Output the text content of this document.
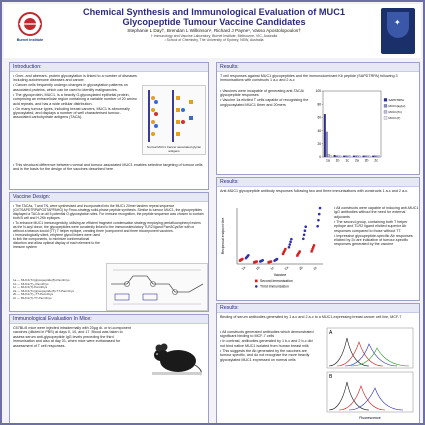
Burnet Institute
Chemical Synthesis and Immunological Evaluation of MUC1
Glycopeptide Tumour Vaccine Candidates
Stephanie L Day†, Brendan L Wilkinson¹, Richard J Payne¹, Vasso Apostolopoulos†
† Immunology and Vaccine Laboratory, Burnet Institute, Melbourne, VIC, Australia
¹ School of Chemistry, The University of Sydney, NSW, Australia
✦
Introduction:

• Over- and aberrant- protein glycosylation is linked to a number of diseases including autoimmune diseases and cancer.

• Cancer cells frequently undergo changes in glycosylation patterns on associated proteins, which can be used to identify malignancies.

• The glycoprotein, MUC1, is a heavily O-glycosylated epithelial protein, comprising an extracellular region containing a variable number of 20 amino acid repeats, and has a wide cellular distribution.

• On many tumour types, including breast cancers, MUC1 is abnormally glycosylated, and displays a number of well characterised tumour-associated carbohydrate antigens (TACA).

• This structural difference between normal and tumour-associated MUC1 enables selective targeting of tumour cells and is the basis for the design of the vaccines described here.

Normal MUC1 Cancer associated glycan antigens
Vaccine Design:

• The TACAs, T and TN, were synthesised and incorporated into the MUC1 20mer tandem repeat sequence (GVTSAPDTRPAPGSTAPPAHG) by Fmoc-strategy solid-phase peptide synthesis. Similar to tumour MUC1, the glycopeptides displayed a TACA on all 5 potential O-glycosylation sites. For immune recognition, the peptide sequence was chosen to contain both B cell and H-2Kb epitopes.

• To enhance MUC1 immunogenicity, utilising an efficient fragment condensation strategy employing pentafluorophenyl esters as the N-acyl donor, the glycopeptides were covalently linked to the immunostimulatory TLR2 ligand Pam3CysSer with or without a tetanus toxoid (TT) T helper epitope, creating three (component and three tricomponent vaccines.

• Immunologically silent, ethylene glycol linkers were used to link the components, to minimize conformational distortion and allow optimal display of each element to the immune system

1a — MUC1(Tn)glycopeptide(5)-Pam3Cys
1b — MUC1(T)₅-Pam3Cys
1c — MUC1(T)-Pam3Cys
2a — MUC1(Tn)glycopeptide(5)-TT-Pam3Cys
2b — MUC1(T)₅-TT-Pam3Cys
2c — MUC1(T)-TT-Pam3Cys
Immunological Evaluation In Mice:
C57BL/6 mice were injected intradermally with 20µg di- or tri-component vaccines (diluted in PBS) at days 0, 10, and 17. Blood was taken to assess serum anti-glycopeptide IgG levels preceding the third immunisation and also at day 31, when mice were euthanased for assessment of T cell responses.
Results:
T cell responses against MUC1 glycopeptides and the immunodominant Kb peptide (SAPDTRPA) following 3 immunisations with constructs 1 a-c and 2 a-c

• Vaccines were incapable of generating anti-TACA/ glycopeptide responses

• Vaccine 1a elicited T cells capable of recognising the unglycosylated MUC1 8mer and 20mers

100
80
60
40
20
0
1a 1b 1c 2a 2b 2c
SAPDTRPA
MUC1(aglyc)
MUC1(Tn)
MUC1(T)
Results:
Anti-MUC1 glycopeptide antibody responses following two and three immunisations with constructs 1 a-c and 2 a-c.
Reciprocal endpoint titre
1a	1b	1c	2a	2b	2c
Vaccine
Second Immunisation
Third Immunisation

• All constructs were capable of inducing anti-MUC1 IgG antibodies without the need for external adjuvants

• The second group, containing both T helper epitope and TLR2 ligand elicited superior Ab responses compared to those without TT.

• Impressive glycopeptide-specific Ab responses elicited by 2c are indicative of tumour-specific responses generated by the vaccine

Results:
Binding of serum antibodies generated by 1 a-c and 2 a-c to a MUC1-expressing breast cancer cell line, MCF-7

• All constructs generated antibodies which demonstrated significant binding to MCF-7 cells

• In contrast, antibodies generated by 1 b-c and 2 b-c did not bind native MUC1 isolated from human breast milk

• This suggests the Ab generated by the vaccines are tumour specific, and do not recognise the more heavily glycosylated MUC1 expressed on normal cells

A
B
Fluorescence
